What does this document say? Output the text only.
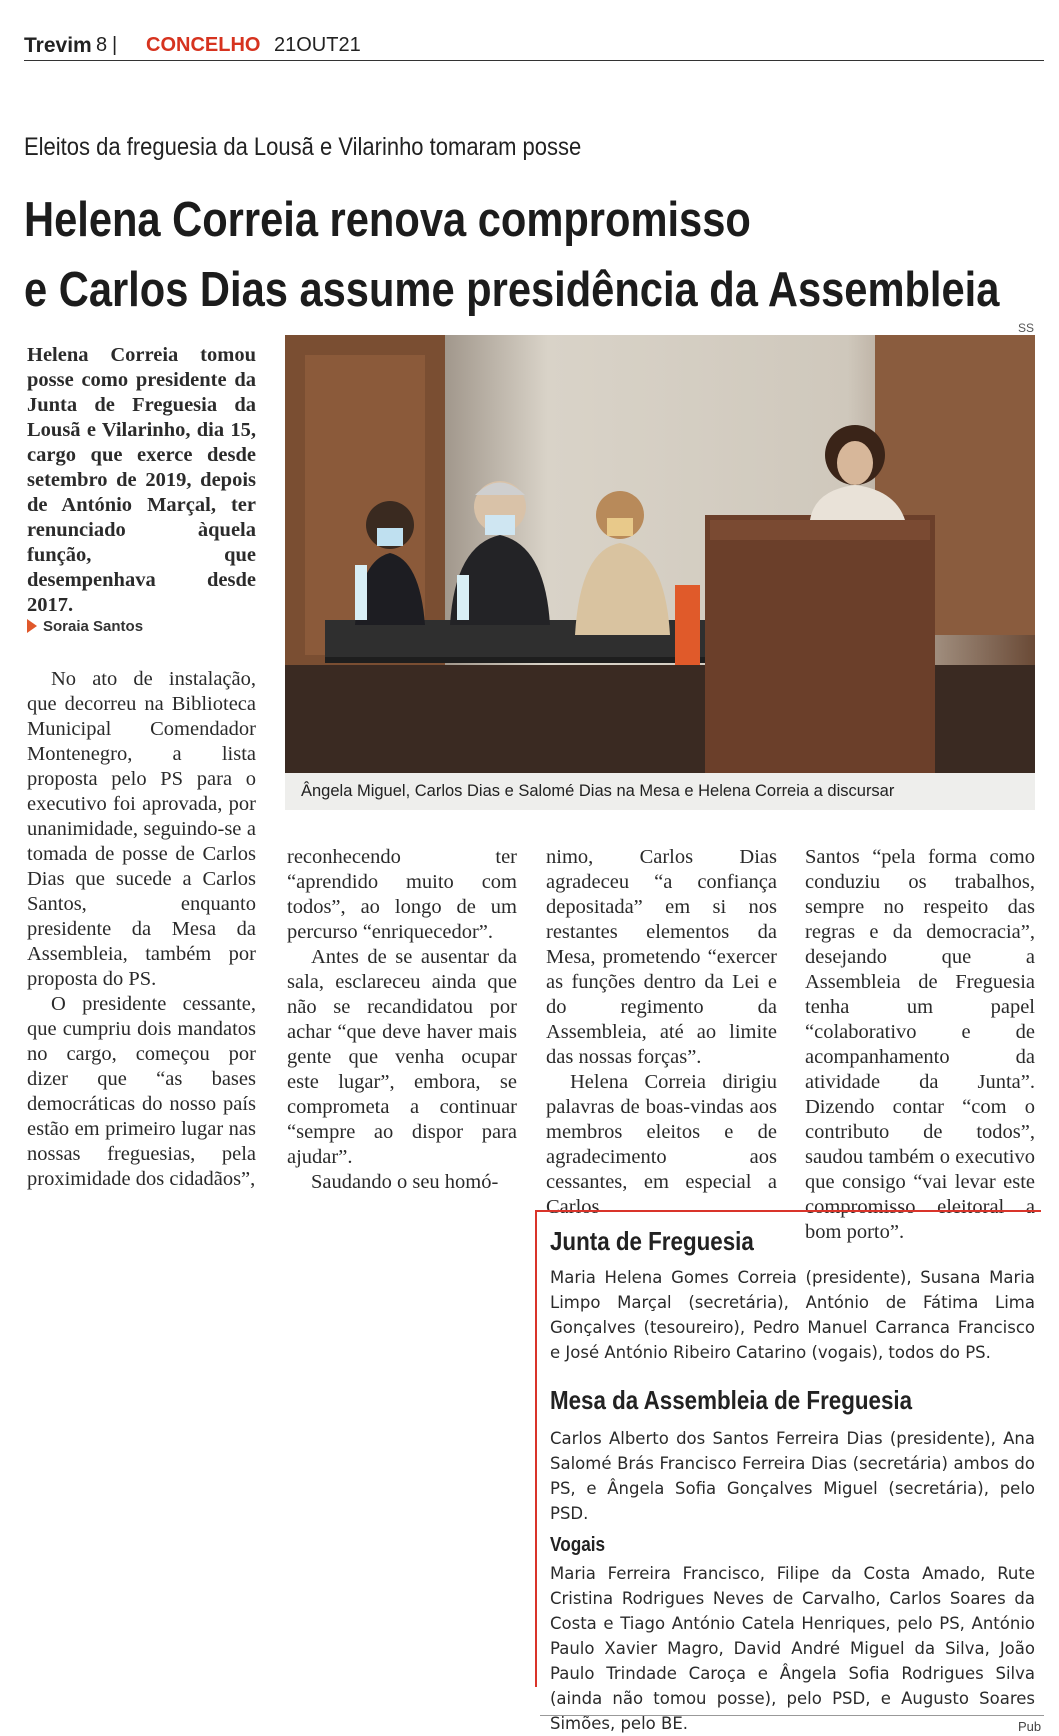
Trevim 8 | CONCELHO 21OUT21
Eleitos da freguesia da Lousã e Vilarinho tomaram posse
Helena Correia renova compromisso
e Carlos Dias assume presidência da Assembleia
SS
Helena Correia tomou posse como presidente da Junta de Freguesia da Lousã e Vilarinho, dia 15, cargo que exerce desde setembro de 2019, depois de António Marçal, ter renunciado àquela função, que desempenhava desde 2017.
Soraia Santos
Ângela Miguel, Carlos Dias e Salomé Dias na Mesa e Helena Correia a discursar

No ato de instalação, que decorreu na Biblioteca Municipal Comendador Montenegro, a lista proposta pelo PS para o executivo foi aprovada, por unanimidade, seguindo-se a tomada de posse de Carlos Dias que sucede a Carlos Santos, enquanto presidente da Mesa da Assembleia, também por proposta do PS.

O presidente cessante, que cumpriu dois mandatos no cargo, começou por dizer que “as bases democráticas do nosso país estão em primeiro lugar nas nossas freguesias, pela proximidade dos cidadãos”,

reconhecendo ter “aprendido muito com todos”, ao longo de um percurso “enriquecedor”.

Antes de se ausentar da sala, esclareceu ainda que não se recandidatou por achar “que deve haver mais gente que venha ocupar este lugar”, embora, se comprometa a continuar “sempre ao dispor para ajudar”.

Saudando o seu homó-

nimo, Carlos Dias agradeceu “a confiança depositada” em si nos restantes elementos da Mesa, prometendo “exercer as funções dentro da Lei e do regimento da Assembleia, até ao limite das nossas forças”.

Helena Correia dirigiu palavras de boas-vindas aos membros eleitos e de agradecimento aos cessantes, em especial a Carlos

Santos “pela forma como conduziu os trabalhos, sempre no respeito das regras e da democracia”, desejando que a Assembleia de Freguesia tenha um papel “colaborativo e de acompanhamento da atividade da Junta”. Dizendo contar “com o contributo de todos”, saudou também o executivo que consigo “vai levar este compromisso eleitoral a bom porto”.

Junta de Freguesia

Maria Helena Gomes Correia (presidente), Susana Maria Limpo Marçal (secretária), António de Fátima Lima Gonçalves (tesoureiro), Pedro Manuel Carranca Francisco e José António Ribeiro Catarino (vogais), todos do PS.

Mesa da Assembleia de Freguesia

Carlos Alberto dos Santos Ferreira Dias (presidente), Ana Salomé Brás Francisco Ferreira Dias (secretária) ambos do PS, e Ângela Sofia Gonçalves Miguel (secretária), pelo PSD.

Vogais

Maria Ferreira Francisco, Filipe da Costa Amado, Rute Cristina Rodrigues Neves de Carvalho, Carlos Soares da Costa e Tiago António Catela Henriques, pelo PS, António Paulo Xavier Magro, David André Miguel da Silva, João Paulo Trindade Caroça e Ângela Sofia Rodrigues Silva (ainda não tomou posse), pelo PSD, e Augusto Soares Simões, pelo BE.	Pub
